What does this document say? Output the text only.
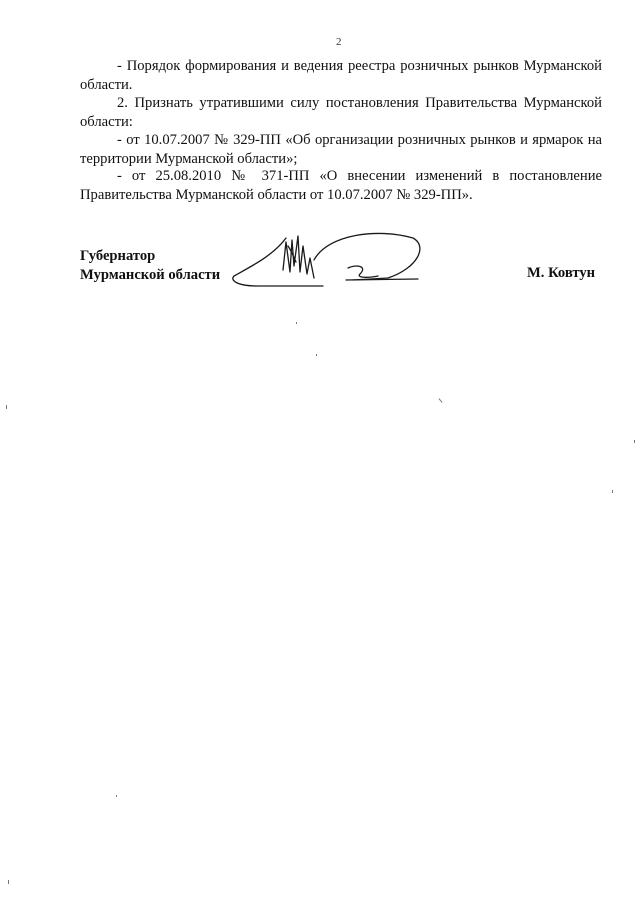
2

- Порядок формирования и ведения реестра розничных рынков Мурманской области.

2. Признать утратившими силу постановления Правительства Мурманской области:

- от 10.07.2007 № 329-ПП «Об организации розничных рынков и ярмарок на территории Мурманской области»;

- от 25.08.2010 № 371-ПП «О внесении изменений в постановление Правительства Мурманской области от 10.07.2007 № 329-ПП».

Губернатор
Мурманской области	М. Ковтун
